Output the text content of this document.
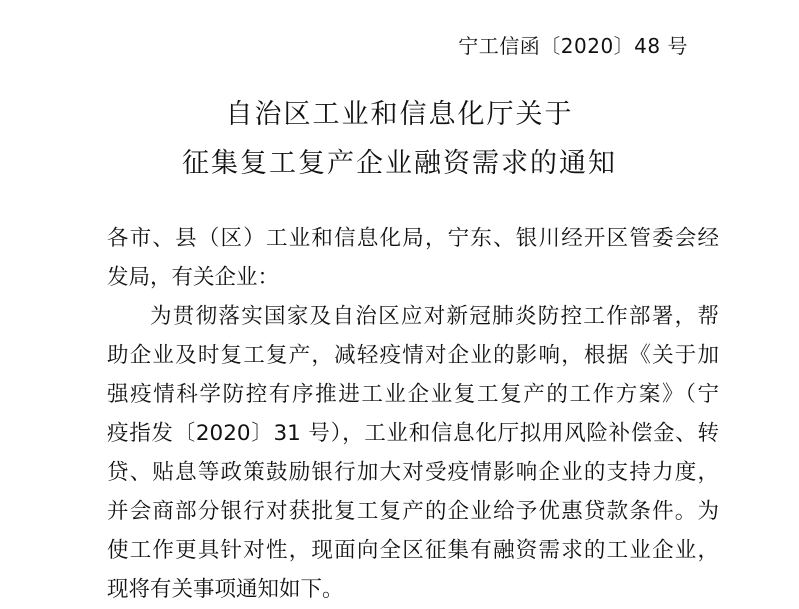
宁工信函〔2020〕48 号
自治区工业和信息化厅关于
征集复工复产企业融资需求的通知
各市、县（区）工业和信息化局，宁东、银川经开区管委会经
发局，有关企业：
为贯彻落实国家及自治区应对新冠肺炎防控工作部署，帮
助企业及时复工复产，减轻疫情对企业的影响，根据《关于加
强疫情科学防控有序推进工业企业复工复产的工作方案》（宁
疫指发〔2020〕31 号），工业和信息化厅拟用风险补偿金、转
贷、贴息等政策鼓励银行加大对受疫情影响企业的支持力度，
并会商部分银行对获批复工复产的企业给予优惠贷款条件。为
使工作更具针对性，现面向全区征集有融资需求的工业企业，
现将有关事项通知如下。
